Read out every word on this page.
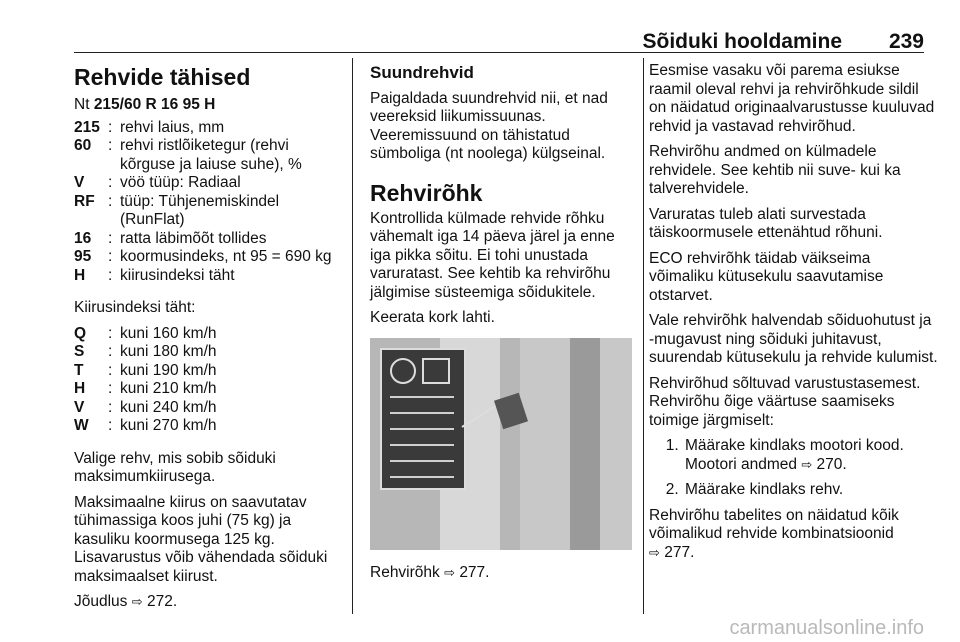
Sõiduki hooldamine 239
Rehvide tähised

Nt 215/60 R 16 95 H

215 : rehvi laius, mm
60	: rehvi ristlõiketegur (rehvi kõrguse ja laiuse suhe), %
V	: vöö tüüp: Radiaal
RF : tüüp: Tühjenemiskindel (RunFlat)
16	: ratta läbimõõt tollides
95	: koormusindeks, nt 95 = 690 kg
H	: kiirusindeksi täht

Kiirusindeksi täht:

Q	: kuni 160 km/h
S	: kuni 180 km/h
T	: kuni 190 km/h
H	: kuni 210 km/h
V	: kuni 240 km/h
W	: kuni 270 km/h

Valige rehv, mis sobib sõiduki maksimumkiirusega.

Maksimaalne kiirus on saavutatav tühimassiga koos juhi (75 kg) ja kasuliku koormusega 125 kg. Lisavarustus võib vähendada sõiduki maksimaalset kiirust.

Jõudlus ⇨ 272.

Suundrehvid

Paigaldada suundrehvid nii, et nad veereksid liikumissuunas. Veeremissuund on tähistatud sümboliga (nt noolega) külgseinal.

Rehvirõhk

Kontrollida külmade rehvide rõhku vähemalt iga 14 päeva järel ja enne iga pikka sõitu. Ei tohi unustada varuratast. See kehtib ka rehvirõhu jälgimise süsteemiga sõidukitele.

Keerata kork lahti.

Rehvirõhk ⇨ 277.

Eesmise vasaku või parema esiukse raamil oleval rehvi ja rehvirõhkude sildil on näidatud originaalvarustusse kuuluvad rehvid ja vastavad rehvirõhud.

Rehvirõhu andmed on külmadele rehvidele. See kehtib nii suve- kui ka talverehvidele.

Varuratas tuleb alati survestada täiskoormusele ettenähtud rõhuni.

ECO rehvirõhk täidab väikseima võimaliku kütusekulu saavutamise otstarvet.

Vale rehvirõhk halvendab sõiduohutust ja -mugavust ning sõiduki juhitavust, suurendab kütusekulu ja rehvide kulumist.

Rehvirõhud sõltuvad varustustasemest. Rehvirõhu õige väärtuse saamiseks toimige järgmiselt:

1. Määrake kindlaks mootori kood. Mootori andmed ⇨ 270.
2. Määrake kindlaks rehv.

Rehvirõhu tabelites on näidatud kõik võimalikud rehvide kombinatsioonid
⇨ 277.

carmanualsonline.info
